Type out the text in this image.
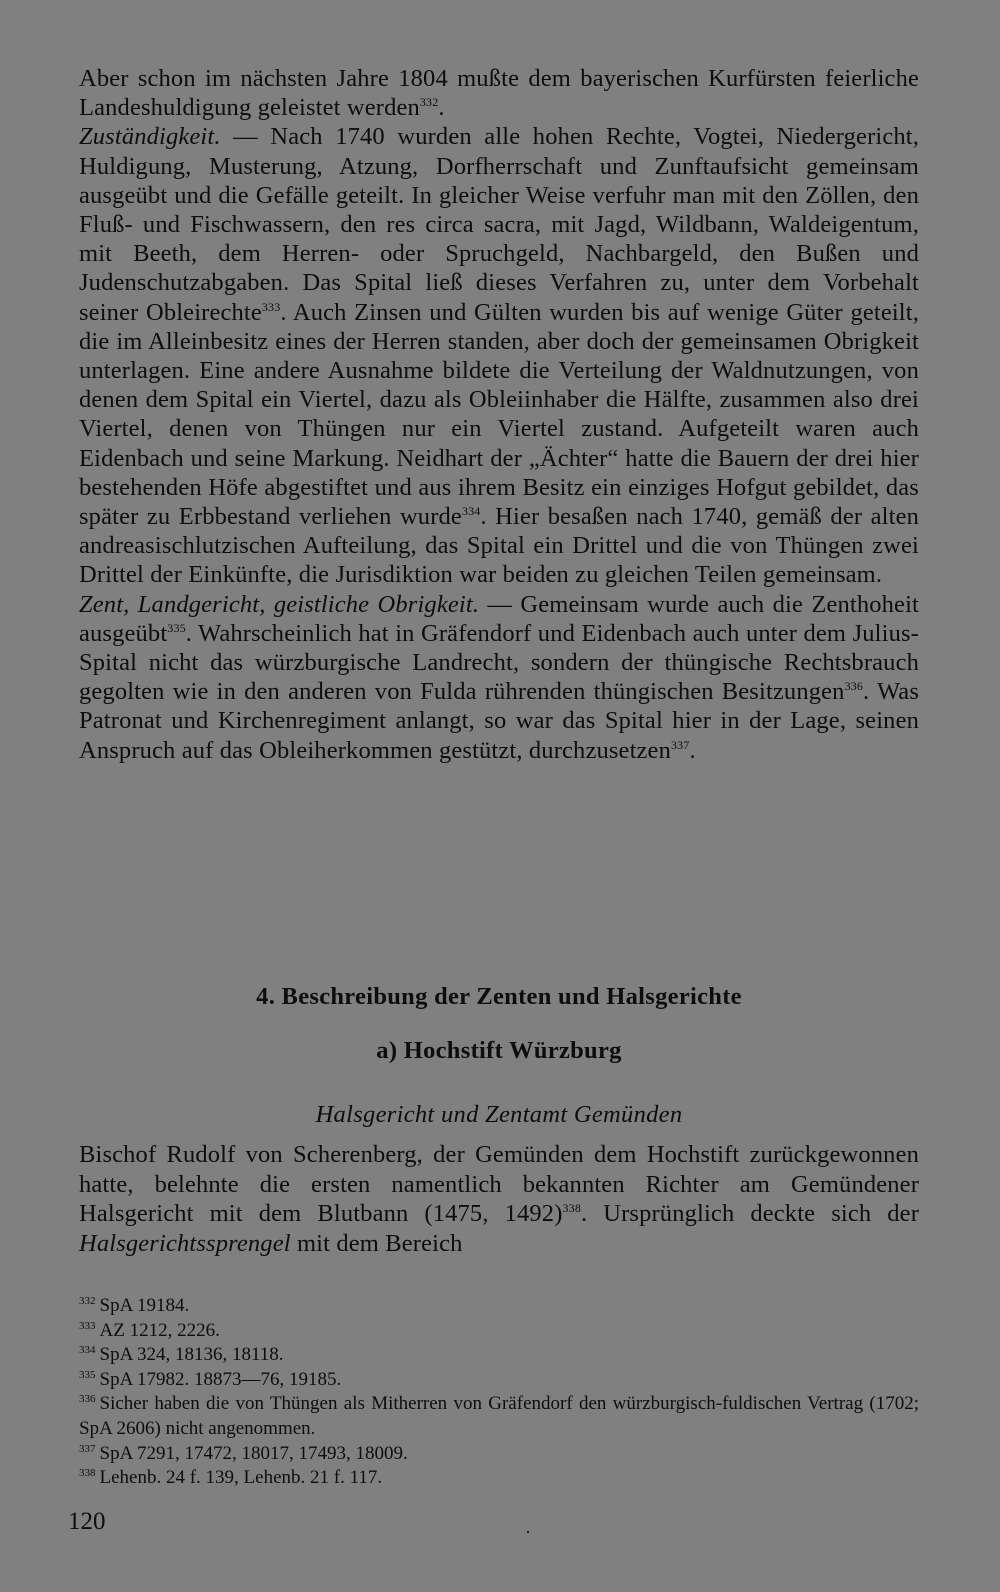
Aber schon im nächsten Jahre 1804 mußte dem bayerischen Kurfürsten feierliche Landeshuldigung geleistet werden$^{332}$.

Zuständigkeit. — Nach 1740 wurden alle hohen Rechte, Vogtei, Niedergericht, Huldigung, Musterung, Atzung, Dorfherrschaft und Zunftaufsicht gemeinsam ausgeübt und die Gefälle geteilt. In gleicher Weise verfuhr man mit den Zöllen, den Fluß- und Fischwassern, den res circa sacra, mit Jagd, Wildbann, Waldeigentum, mit Beeth, dem Herren- oder Spruchgeld, Nachbargeld, den Bußen und Judenschutzabgaben. Das Spital ließ dieses Verfahren zu, unter dem Vorbehalt seiner Obleirechte$^{333}$. Auch Zinsen und Gülten wurden bis auf wenige Güter geteilt, die im Alleinbesitz eines der Herren standen, aber doch der gemeinsamen Obrigkeit unterlagen. Eine andere Ausnahme bildete die Verteilung der Waldnutzungen, von denen dem Spital ein Viertel, dazu als Obleiinhaber die Hälfte, zusammen also drei Viertel, denen von Thüngen nur ein Viertel zustand. Aufgeteilt waren auch Eidenbach und seine Markung. Neidhart der „Ächter“ hatte die Bauern der drei hier bestehenden Höfe abgestiftet und aus ihrem Besitz ein einziges Hofgut gebildet, das später zu Erbbestand verliehen wurde$^{334}$. Hier besaßen nach 1740, gemäß der alten andreasischlutzischen Aufteilung, das Spital ein Drittel und die von Thüngen zwei Drittel der Einkünfte, die Jurisdiktion war beiden zu gleichen Teilen gemeinsam.

Zent, Landgericht, geistliche Obrigkeit. — Gemeinsam wurde auch die Zenthoheit ausgeübt$^{335}$. Wahrscheinlich hat in Gräfendorf und Eidenbach auch unter dem Julius-Spital nicht das würzburgische Landrecht, sondern der thüngische Rechtsbrauch gegolten wie in den anderen von Fulda rührenden thüngischen Besitzungen$^{336}$. Was Patronat und Kirchenregiment anlangt, so war das Spital hier in der Lage, seinen Anspruch auf das Obleiherkommen gestützt, durchzusetzen$^{337}$.

4. Beschreibung der Zenten und Halsgerichte
a) Hochstift Würzburg
Halsgericht und Zentamt Gemünden
Bischof Rudolf von Scherenberg, der Gemünden dem Hochstift zurückgewonnen hatte, belehnte die ersten namentlich bekannten Richter am Gemündener Halsgericht mit dem Blutbann (1475, 1492)$^{338}$. Ursprünglich deckte sich der Halsgerichtssprengel mit dem Bereich
$^{332}$ SpA 19184.
$^{333}$ AZ 1212, 2226.
$^{334}$ SpA 324, 18136, 18118.
$^{335}$ SpA 17982. 18873—76, 19185.
$^{336}$ Sicher haben die von Thüngen als Mitherren von Gräfendorf den würzburgisch-fuldischen Vertrag (1702; SpA 2606) nicht angenommen.
$^{337}$ SpA 7291, 17472, 18017, 17493, 18009.
$^{338}$ Lehenb. 24 f. 139, Lehenb. 21 f. 117.
120
